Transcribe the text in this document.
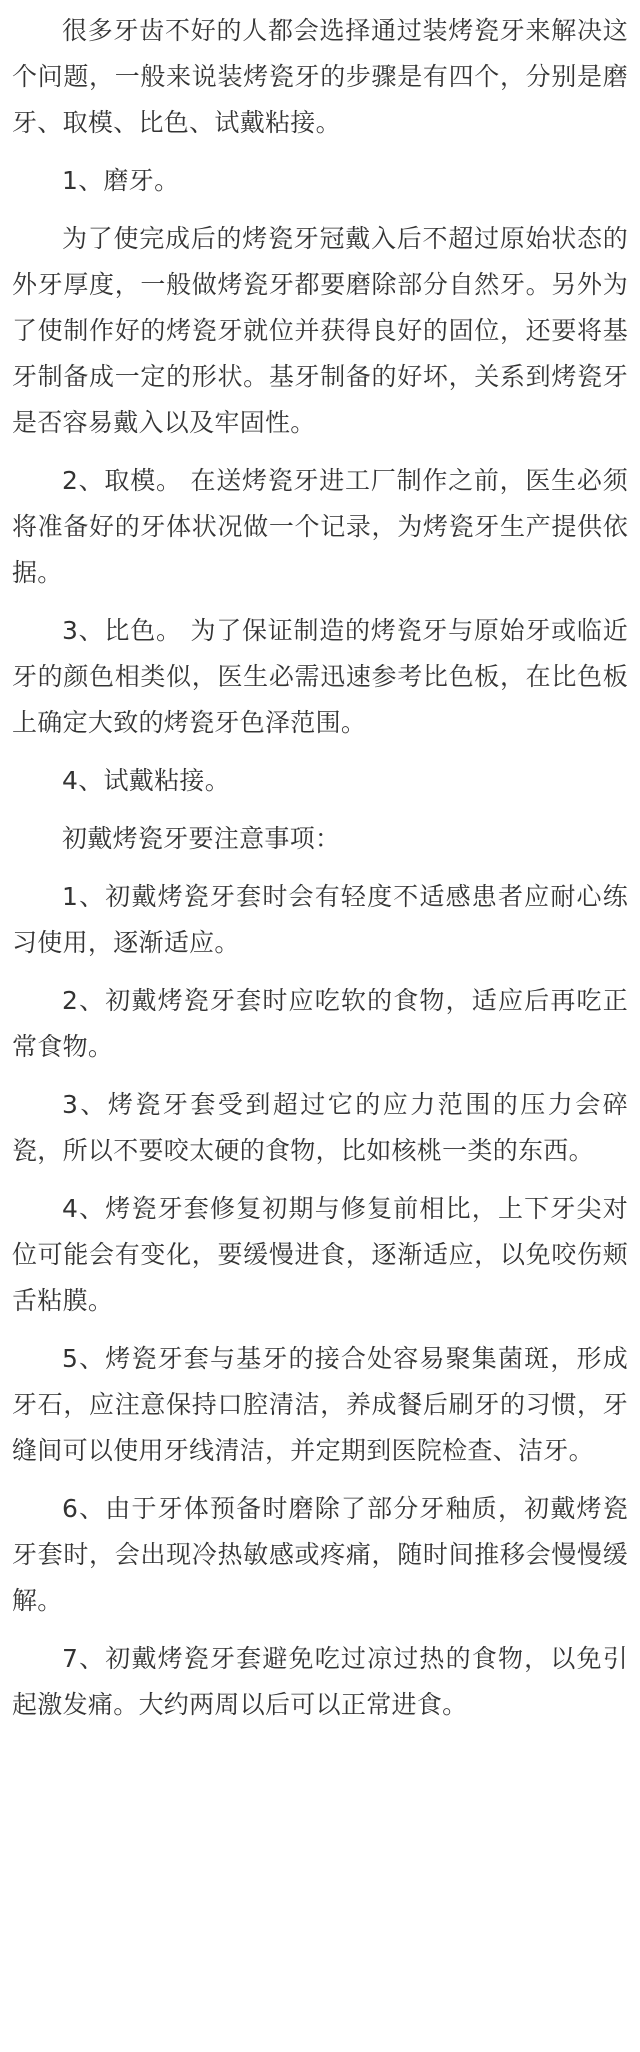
很多牙齿不好的人都会选择通过装烤瓷牙来解决这个问题，一般来说装烤瓷牙的步骤是有四个，分别是磨牙、取模、比色、试戴粘接。

1、磨牙。

为了使完成后的烤瓷牙冠戴入后不超过原始状态的外牙厚度，一般做烤瓷牙都要磨除部分自然牙。另外为了使制作好的烤瓷牙就位并获得良好的固位，还要将基牙制备成一定的形状。基牙制备的好坏，关系到烤瓷牙是否容易戴入以及牢固性。

2、取模。 在送烤瓷牙进工厂制作之前，医生必须将准备好的牙体状况做一个记录，为烤瓷牙生产提供依据。

3、比色。 为了保证制造的烤瓷牙与原始牙或临近牙的颜色相类似，医生必需迅速参考比色板，在比色板上确定大致的烤瓷牙色泽范围。

4、试戴粘接。

初戴烤瓷牙要注意事项：

1、初戴烤瓷牙套时会有轻度不适感患者应耐心练习使用，逐渐适应。

2、初戴烤瓷牙套时应吃软的食物，适应后再吃正常食物。

3、烤瓷牙套受到超过它的应力范围的压力会碎瓷，所以不要咬太硬的食物，比如核桃一类的东西。

4、烤瓷牙套修复初期与修复前相比，上下牙尖对位可能会有变化，要缓慢进食，逐渐适应，以免咬伤颊舌粘膜。

5、烤瓷牙套与基牙的接合处容易聚集菌斑，形成牙石，应注意保持口腔清洁，养成餐后刷牙的习惯，牙缝间可以使用牙线清洁，并定期到医院检查、洁牙。

6、由于牙体预备时磨除了部分牙釉质，初戴烤瓷牙套时，会出现冷热敏感或疼痛，随时间推移会慢慢缓解。

7、初戴烤瓷牙套避免吃过凉过热的食物，以免引起激发痛。大约两周以后可以正常进食。
